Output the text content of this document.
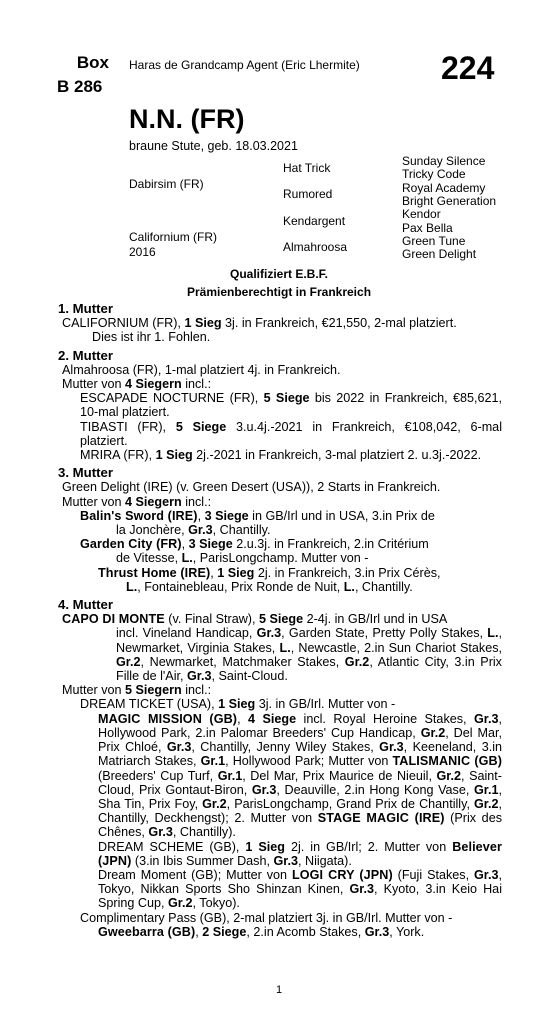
Box
B 286
Haras de Grandcamp Agent (Eric Lhermite)	224
N.N. (FR)
braune Stute, geb. 18.03.2021
Dabirsim (FR)
Californium (FR)
2016
Hat Trick
Rumored
Kendargent
Almahroosa
Sunday Silence
Tricky Code
Royal Academy
Bright Generation
Kendor
Pax Bella
Green Tune
Green Delight
Qualifiziert E.B.F.
Prämienberechtigt in Frankreich
1. Mutter
CALIFORNIUM (FR), 1 Sieg 3j. in Frankreich, €21,550, 2-mal platziert.
Dies ist ihr 1. Fohlen.
2. Mutter
Almahroosa (FR), 1-mal platziert 4j. in Frankreich.
Mutter von 4 Siegern incl.:
ESCAPADE NOCTURNE (FR), 5 Siege bis 2022 in Frankreich, €85,621, 10-mal platziert.
TIBASTI (FR), 5 Siege 3.u.4j.-2021 in Frankreich, €108,042, 6-mal platziert.
MRIRA (FR), 1 Sieg 2j.-2021 in Frankreich, 3-mal platziert 2. u.3j.-2022.
3. Mutter
Green Delight (IRE) (v. Green Desert (USA)), 2 Starts in Frankreich.
Mutter von 4 Siegern incl.:
Balin's Sword (IRE), 3 Siege in GB/Irl und in USA, 3.in Prix de
la Jonchère, Gr.3, Chantilly.
Garden City (FR), 3 Siege 2.u.3j. in Frankreich, 2.in Critérium
de Vitesse, L., ParisLongchamp. Mutter von -
Thrust Home (IRE), 1 Sieg 2j. in Frankreich, 3.in Prix Cérès,
L., Fontainebleau, Prix Ronde de Nuit, L., Chantilly.
4. Mutter
CAPO DI MONTE (v. Final Straw), 5 Siege 2-4j. in GB/Irl und in USA
incl. Vineland Handicap, Gr.3, Garden State, Pretty Polly Stakes, L., Newmarket, Virginia Stakes, L., Newcastle, 2.in Sun Chariot Stakes, Gr.2, Newmarket, Matchmaker Stakes, Gr.2, Atlantic City, 3.in Prix Fille de l'Air, Gr.3, Saint-Cloud.
Mutter von 5 Siegern incl.:
DREAM TICKET (USA), 1 Sieg 3j. in GB/Irl. Mutter von -
MAGIC MISSION (GB), 4 Siege incl. Royal Heroine Stakes, Gr.3, Hollywood Park, 2.in Palomar Breeders' Cup Handicap, Gr.2, Del Mar, Prix Chloé, Gr.3, Chantilly, Jenny Wiley Stakes, Gr.3, Keeneland, 3.in Matriarch Stakes, Gr.1, Hollywood Park; Mutter von TALISMANIC (GB) (Breeders' Cup Turf, Gr.1, Del Mar, Prix Maurice de Nieuil, Gr.2, Saint-Cloud, Prix Gontaut-Biron, Gr.3, Deauville, 2.in Hong Kong Vase, Gr.1, Sha Tin, Prix Foy, Gr.2, ParisLongchamp, Grand Prix de Chantilly, Gr.2, Chantilly, Deckhengst); 2. Mutter von STAGE MAGIC (IRE) (Prix des Chênes, Gr.3, Chantilly).
DREAM SCHEME (GB), 1 Sieg 2j. in GB/Irl; 2. Mutter von Believer (JPN) (3.in Ibis Summer Dash, Gr.3, Niigata).
Dream Moment (GB); Mutter von LOGI CRY (JPN) (Fuji Stakes, Gr.3, Tokyo, Nikkan Sports Sho Shinzan Kinen, Gr.3, Kyoto, 3.in Keio Hai Spring Cup, Gr.2, Tokyo).
Complimentary Pass (GB), 2-mal platziert 3j. in GB/Irl. Mutter von -
Gweebarra (GB), 2 Siege, 2.in Acomb Stakes, Gr.3, York.
1
